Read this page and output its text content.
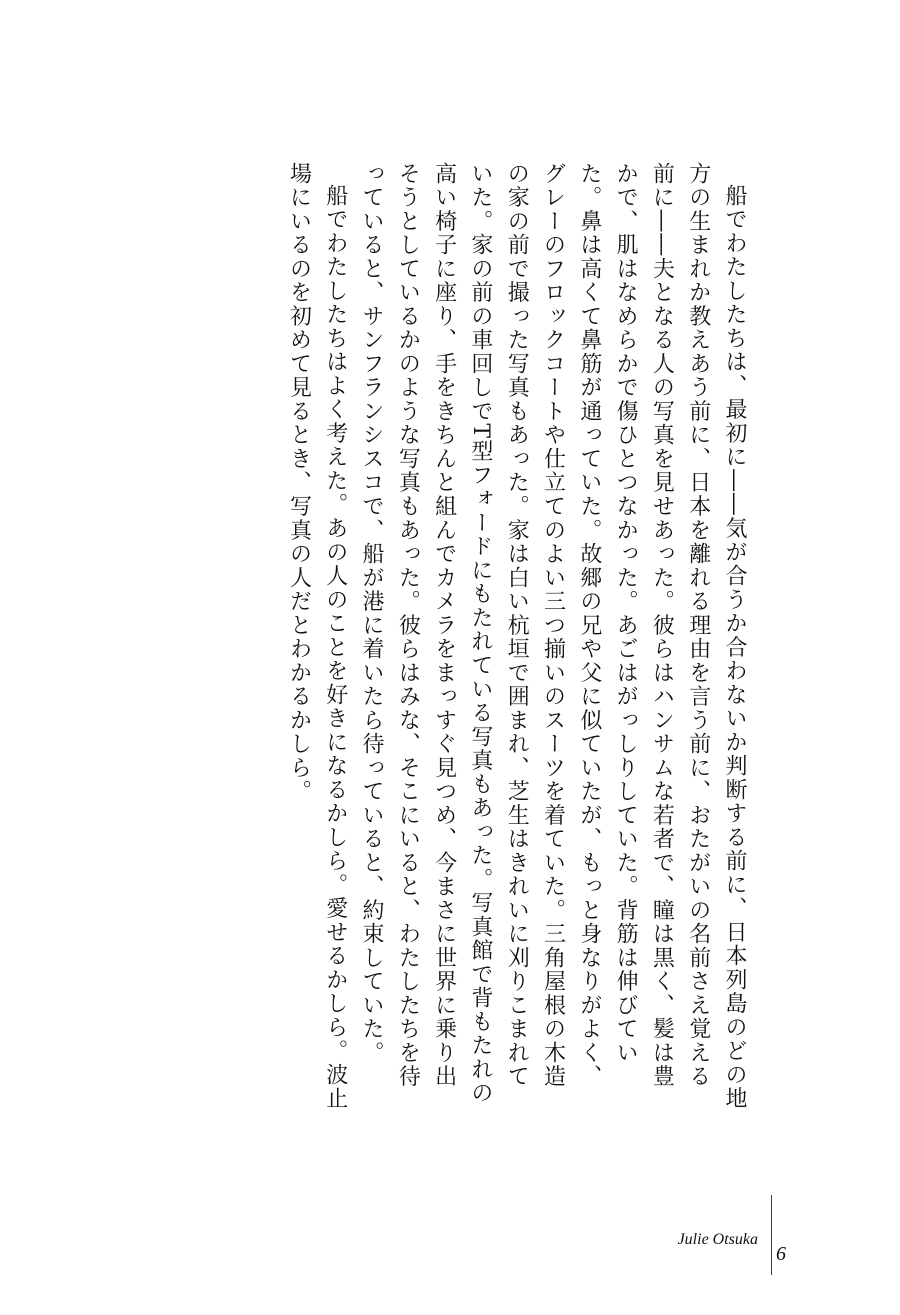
船でわたしたちは、最初に――気が合うか合わないか判断する前に、日本列島のどの地方の生まれか教えあう前に、日本を離れる理由を言う前に、おたがいの名前さえ覚える前に――夫となる人の写真を見せあった。彼らはハンサムな若者で、瞳は黒く、髪は豊かで、肌はなめらかで傷ひとつなかった。あごはがっしりしていた。背筋は伸びていた。鼻は高くて鼻筋が通っていた。故郷の兄や父に似ていたが、もっと身なりがよく、グレーのフロックコートや仕立てのよい三つ揃いのスーツを着ていた。三角屋根の木造の家の前で撮った写真もあった。家は白い杭垣で囲まれ、芝生はきれいに刈りこまれていた。家の前の車回しでT型フォードにもたれている写真もあった。写真館で背もたれの高い椅子に座り、手をきちんと組んでカメラをまっすぐ見つめ、今まさに世界に乗り出そうとしているかのような写真もあった。彼らはみな、そこにいると、わたしたちを待っていると、サンフランシスコで、船が港に着いたら待っていると、約束していた。

船でわたしたちはよく考えた。あの人のことを好きになるかしら。愛せるかしら。波止場にいるのを初めて見るとき、写真の人だとわかるかしら。

Julie Otsuka
6
